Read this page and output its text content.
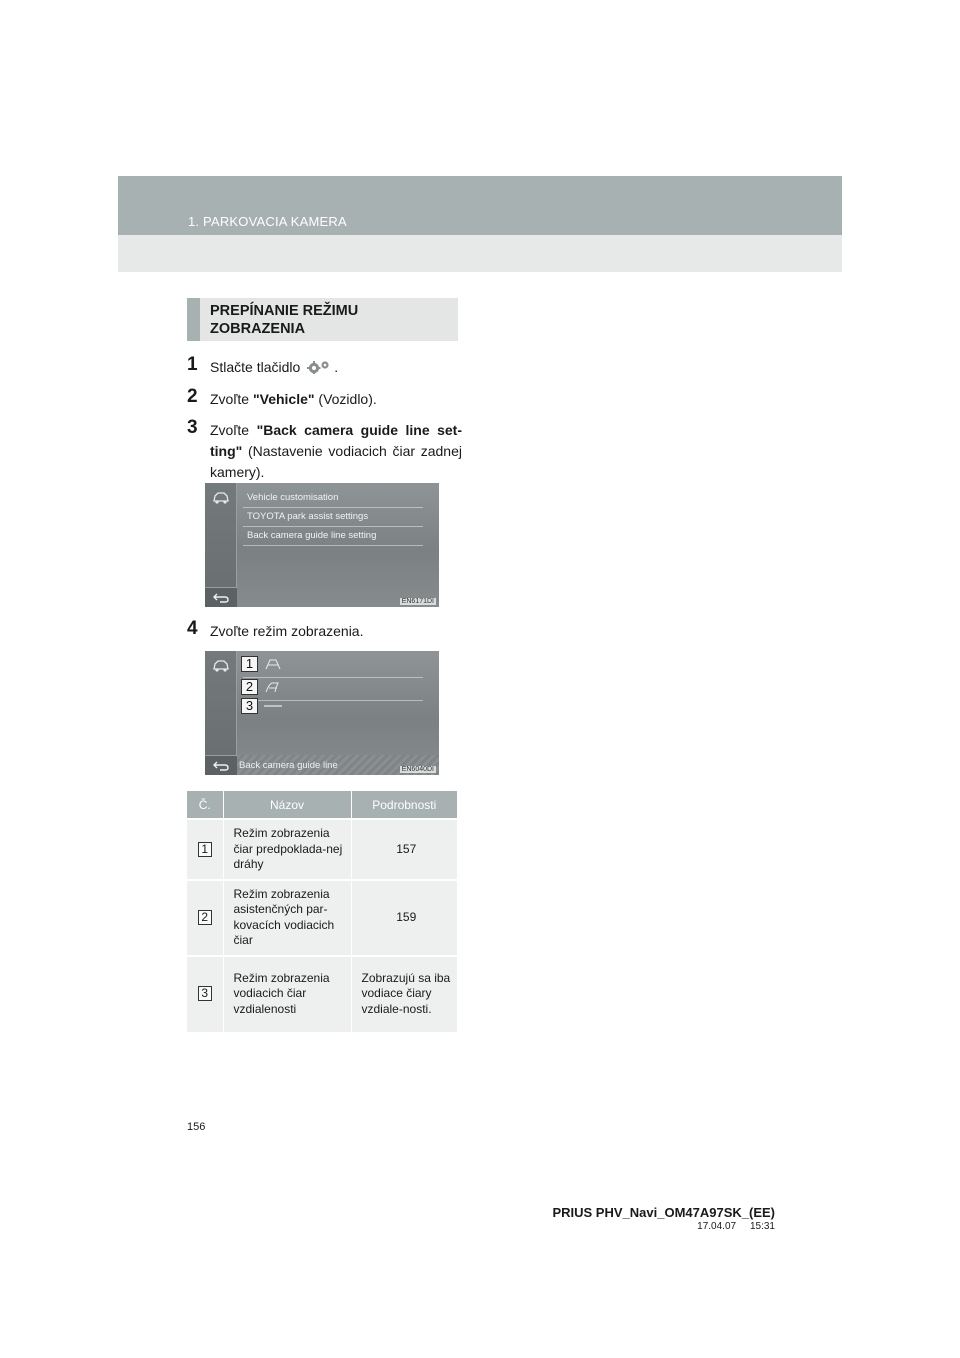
1. PARKOVACIA KAMERA
PREPÍNANIE REŽIMU ZOBRAZENIA
1 Stlačte tlačidlo .
2 Zvoľte "Vehicle" (Vozidlo).
3 Zvoľte "Back camera guide line set-ting" (Nastavenie vodiacich čiar zadnej kamery).
Vehicle customisation
TOYOTA park assist settings
Back camera guide line setting
EN6171DI
4 Zvoľte režim zobrazenia.
1
2
3
Back camera guide line	EN6040DI
Č.	Názov	Podrobnosti
1	Režim zobrazenia čiar predpoklada-nej dráhy	157
2	Režim zobrazenia asistenčných par-kovacích vodiacich čiar	159
3	Režim zobrazenia vodiacich čiar vzdialenosti	Zobrazujú sa iba vodiace čiary vzdiale-nosti.
156
PRIUS PHV_Navi_OM47A97SK_(EE)
17.04.07     15:31
